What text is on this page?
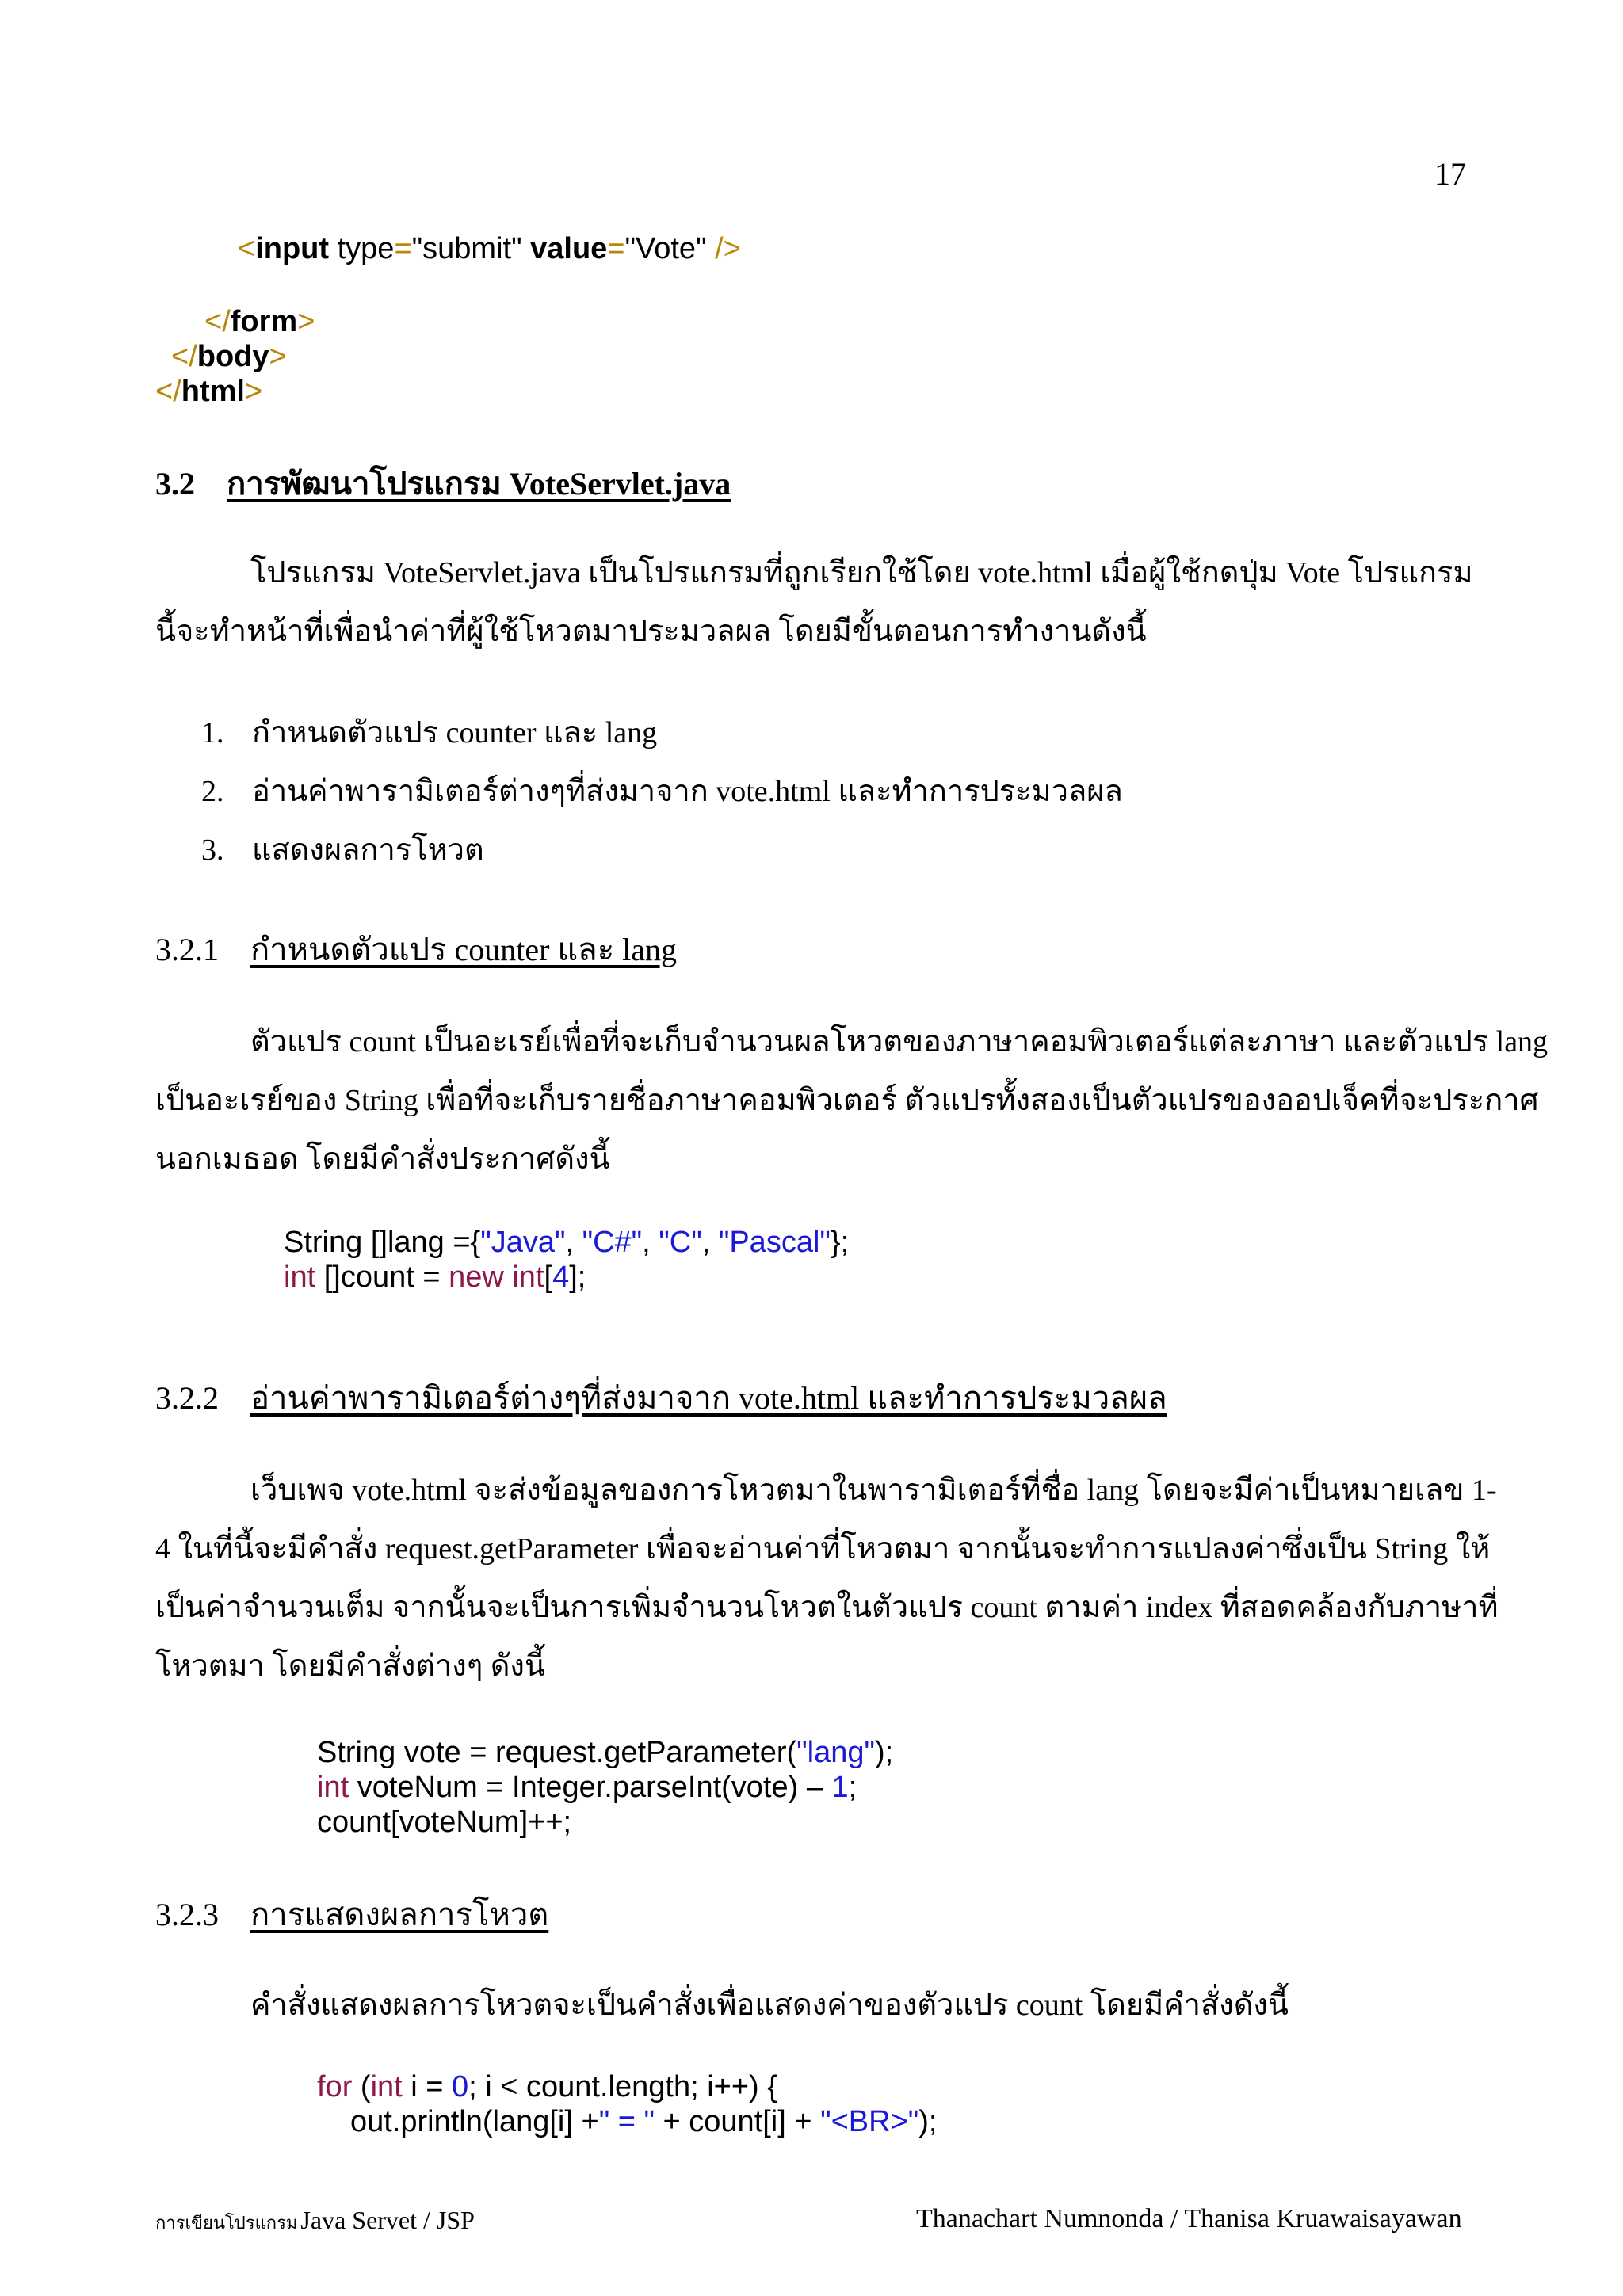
17
<input type="submit" value="Vote" />
</form>
</body>
</html>
3.2 การพัฒนาโปรแกรม VoteServlet.java
โปรแกรม VoteServlet.java เป็นโปรแกรมที่ถูกเรียกใช้โดย vote.html เมื่อผู้ใช้กดปุ่ม Vote โปรแกรม
นี้จะทำหน้าที่เพื่อนำค่าที่ผู้ใช้โหวตมาประมวลผล โดยมีขั้นตอนการทำงานดังนี้
1. กำหนดตัวแปร counter และ lang
2. อ่านค่าพารามิเตอร์ต่างๆที่ส่งมาจาก vote.html และทำการประมวลผล
3. แสดงผลการโหวต
3.2.1 กำหนดตัวแปร counter และ lang
ตัวแปร count เป็นอะเรย์เพื่อที่จะเก็บจำนวนผลโหวตของภาษาคอมพิวเตอร์แต่ละภาษา และตัวแปร lang
เป็นอะเรย์ของ String เพื่อที่จะเก็บรายชื่อภาษาคอมพิวเตอร์ ตัวแปรทั้งสองเป็นตัวแปรของออปเจ็คที่จะประกาศ
นอกเมธอด โดยมีคำสั่งประกาศดังนี้
String []lang ={"Java", "C#", "C", "Pascal"};
int []count = new int[4];
3.2.2 อ่านค่าพารามิเตอร์ต่างๆที่ส่งมาจาก vote.html และทำการประมวลผล
เว็บเพจ vote.html จะส่งข้อมูลของการโหวตมาในพารามิเตอร์ที่ชื่อ lang โดยจะมีค่าเป็นหมายเลข 1-
4 ในที่นี้จะมีคำสั่ง request.getParameter เพื่อจะอ่านค่าที่โหวตมา จากนั้นจะทำการแปลงค่าซึ่งเป็น String ให้
เป็นค่าจำนวนเต็ม จากนั้นจะเป็นการเพิ่มจำนวนโหวตในตัวแปร count ตามค่า index ที่สอดคล้องกับภาษาที่
โหวตมา โดยมีคำสั่งต่างๆ ดังนี้
String vote = request.getParameter("lang");
int voteNum = Integer.parseInt(vote) – 1;
count[voteNum]++;
3.2.3 การแสดงผลการโหวต
คำสั่งแสดงผลการโหวตจะเป็นคำสั่งเพื่อแสดงค่าของตัวแปร count โดยมีคำสั่งดังนี้
for (int i = 0; i < count.length; i++) {
out.println(lang[i] +" = " + count[i] + "<BR>");
การเขียนโปรแกรม Java Servet / JSP	Thanachart Numnonda / Thanisa Kruawaisayawan
